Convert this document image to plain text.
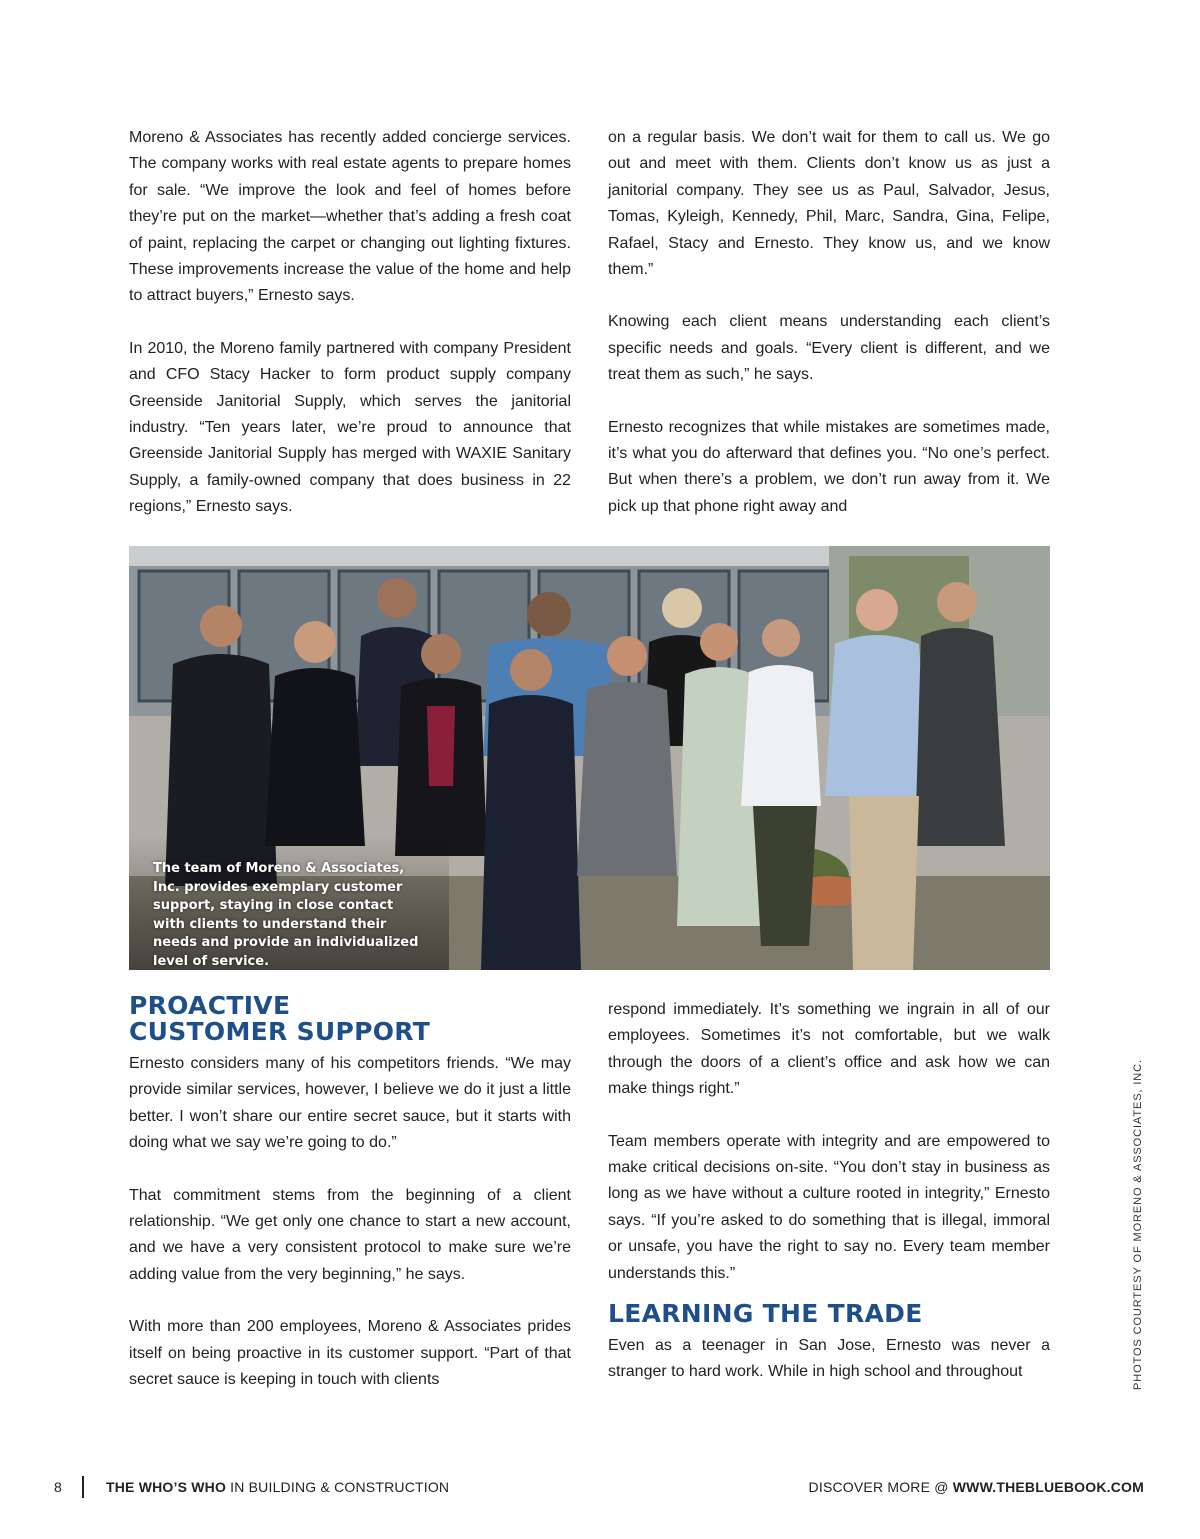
Moreno & Associates has recently added concierge services. The company works with real estate agents to prepare homes for sale. “We improve the look and feel of homes before they’re put on the market—whether that’s adding a fresh coat of paint, replacing the carpet or changing out lighting fixtures. These improvements increase the value of the home and help to attract buyers,” Ernesto says.

In 2010, the Moreno family partnered with company President and CFO Stacy Hacker to form product supply company Greenside Janitorial Supply, which serves the janitorial industry. “Ten years later, we’re proud to announce that Greenside Janitorial Supply has merged with WAXIE Sanitary Supply, a family-owned company that does business in 22 regions,” Ernesto says.

on a regular basis. We don’t wait for them to call us. We go out and meet with them. Clients don’t know us as just a janitorial company. They see us as Paul, Salvador, Jesus, Tomas, Kyleigh, Kennedy, Phil, Marc, Sandra, Gina, Felipe, Rafael, Stacy and Ernesto. They know us, and we know them.”

Knowing each client means understanding each client’s specific needs and goals. “Every client is different, and we treat them as such,” he says.

Ernesto recognizes that while mistakes are sometimes made, it’s what you do afterward that defines you. “No one’s perfect. But when there’s a problem, we don’t run away from it. We pick up that phone right away and

The team of Moreno & Associates, Inc. provides exemplary customer support, staying in close contact with clients to understand their needs and provide an individualized level of service.
PROACTIVE
CUSTOMER SUPPORT

Ernesto considers many of his competitors friends. “We may provide similar services, however, I believe we do it just a little better. I won’t share our entire secret sauce, but it starts with doing what we say we’re going to do.”

That commitment stems from the beginning of a client relationship. “We get only one chance to start a new account, and we have a very consistent protocol to make sure we’re adding value from the very beginning,” he says.

With more than 200 employees, Moreno & Associates prides itself on being proactive in its customer support. “Part of that secret sauce is keeping in touch with clients

respond immediately. It’s something we ingrain in all of our employees. Sometimes it’s not comfortable, but we walk through the doors of a client’s office and ask how we can make things right.”

Team members operate with integrity and are empowered to make critical decisions on-site. “You don’t stay in business as long as we have without a culture rooted in integrity,” Ernesto says. “If you’re asked to do something that is illegal, immoral or unsafe, you have the right to say no. Every team member understands this.”

LEARNING THE TRADE

Even as a teenager in San Jose, Ernesto was never a stranger to hard work. While in high school and throughout	PHOTOS COURTESY OF MORENO & ASSOCIATES, INC.
8	THE WHO’S WHO IN BUILDING & CONSTRUCTION	DISCOVER MORE @ WWW.THEBLUEBOOK.COM
